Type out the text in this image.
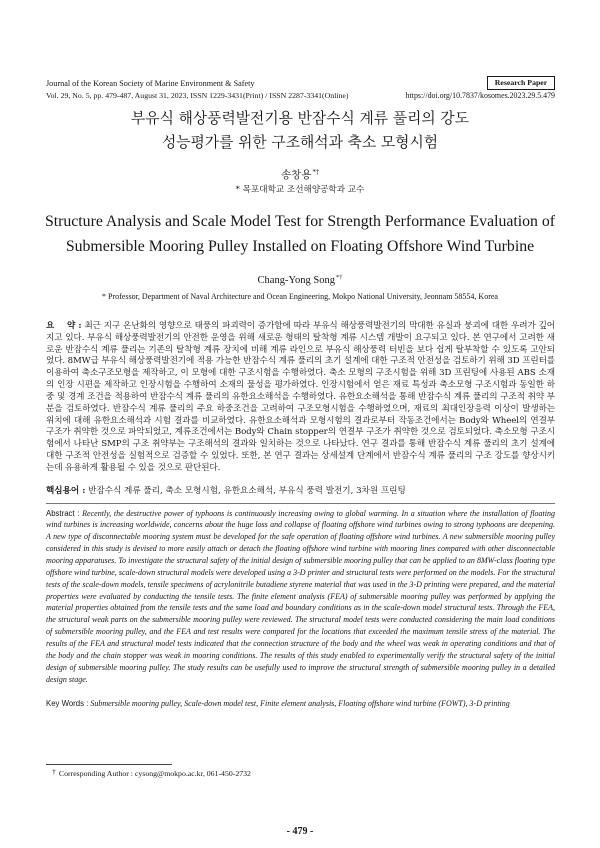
Journal of the Korean Society of Marine Environment & Safety	Research Paper
Vol. 29, No. 5, pp. 479-487, August 31, 2023, ISSN 1229-3431(Print) / ISSN 2287-3341(Online)	https://doi.org/10.7837/kosomes.2023.29.5.479
부유식 해상풍력발전기용 반잠수식 계류 풀리의 강도
성능평가를 위한 구조해석과 축소 모형시험
송창용*†
* 목포대학교 조선해양공학과 교수
Structure Analysis and Scale Model Test for Strength Performance Evaluation of
Submersible Mooring Pulley Installed on Floating Offshore Wind Turbine
Chang-Yong Song*†
* Professor, Department of Naval Architecture and Ocean Engineering, Mokpo National University, Jeonnam 58554, Korea

요    약 : 최근 지구 온난화의 영향으로 태풍의 파괴력이 증가함에 따라 부유식 해상풍력발전기의 막대한 유실과 붕괴에 대한 우려가 깊어지고 있다. 부유식 해상풍력발전기의 안전한 운영을 위해 새로운 형태의 탈착형 계류 시스템 개발이 요구되고 있다. 본 연구에서 고려한 새로운 반잠수식 계류 풀리는 기존의 탈착형 계류 장치에 비해 계류 라인으로 부유식 해상풍력 터빈을 보다 쉽게 탈부착할 수 있도록 고안되었다. 8MW급 부유식 해상풍력발전기에 적용 가능한 반잠수식 계류 풀리의 초기 설계에 대한 구조적 안전성을 검토하기 위해 3D 프린터를 이용하여 축소구조모형을 제작하고, 이 모형에 대한 구조시험을 수행하였다. 축소 모형의 구조시험을 위해 3D 프린팅에 사용된 ABS 소재의 인장 시편을 제작하고 인장시험을 수행하여 소재의 물성을 평가하였다. 인장시험에서 얻은 재료 특성과 축소모형 구조시험과 동일한 하중 및 경계 조건을 적용하여 반잠수식 계류 풀리의 유한요소해석을 수행하였다. 유한요소해석을 통해 반잠수식 계류 풀리의 구조적 취약 부분을 검토하였다. 반잠수식 계류 풀리의 주요 하중조건을 고려하여 구조모형시험을 수행하였으며, 재료의 최대인장응력 이상이 발생하는 위치에 대해 유한요소해석과 시험 결과를 비교하였다. 유한요소해석과 모형시험의 결과로부터 작동조건에서는 Body와 Wheel의 연결부 구조가 취약한 것으로 파악되었고, 계류조건에서는 Body와 Chain stopper의 연결부 구조가 취약한 것으로 검토되었다. 축소모형 구조시험에서 나타난 SMP의 구조 취약부는 구조해석의 결과와 일치하는 것으로 나타났다. 연구 결과를 통해 반잠수식 계류 풀리의 초기 설계에 대한 구조적 안전성을 실험적으로 검증할 수 있었다. 또한, 본 연구 결과는 상세설계 단계에서 반잠수식 계류 풀리의 구조 강도를 향상시키는데 유용하게 활용될 수 있을 것으로 판단된다.

핵심용어 : 반잠수식 계류 풀리, 축소 모형시험, 유한요소해석, 부유식 풍력 발전기, 3차원 프린팅

Abstract : Recently, the destructive power of typhoons is continuously increasing owing to global warming. In a situation where the installation of floating wind turbines is increasing worldwide, concerns about the huge loss and collapse of floating offshore wind turbines owing to strong typhoons are deepening. A new type of disconnectable mooring system must be developed for the safe operation of floating offshore wind turbines. A new submersible mooring pulley considered in this study is devised to more easily attach or detach the floating offshore wind turbine with mooring lines compared with other disconnectable mooring apparatuses. To investigate the structural safety of the initial design of submersible mooring pulley that can be applied to an 8MW-class floating type offshore wind turbine, scale-down structural models were developed using a 3-D printer and structural tests were performed on the models. For the structural tests of the scale-down models, tensile specimens of acrylonitrile butadiene styrene material that was used in the 3-D printing were prepared, and the material properties were evaluated by conducting the tensile tests. The finite element analysis (FEA) of submersible mooring pulley was performed by applying the material properties obtained from the tensile tests and the same load and boundary conditions as in the scale-down model structural tests. Through the FEA, the structural weak parts on the submersible mooring pulley were reviewed. The structural model tests were conducted considering the main load conditions of submersible mooring pulley, and the FEA and test results were compared for the locations that exceeded the maximum tensile stress of the material. The results of the FEA and structural model tests indicated that the connection structure of the body and the wheel was weak in operating conditions and that of the body and the chain stopper was weak in mooring conditions. The results of this study enabled to experimentally verify the structural safety of the initial design of submersible mooring pulley. The study results can be usefully used to improve the structural strength of submersible mooring pulley in a detailed design stage.

Key Words : Submersible mooring pulley, Scale-down model test, Finite element analysis, Floating offshore wind turbine (FOWT), 3-D printing

† Corresponding Author : cysong@mokpo.ac.kr, 061-450-2732
- 479 -
